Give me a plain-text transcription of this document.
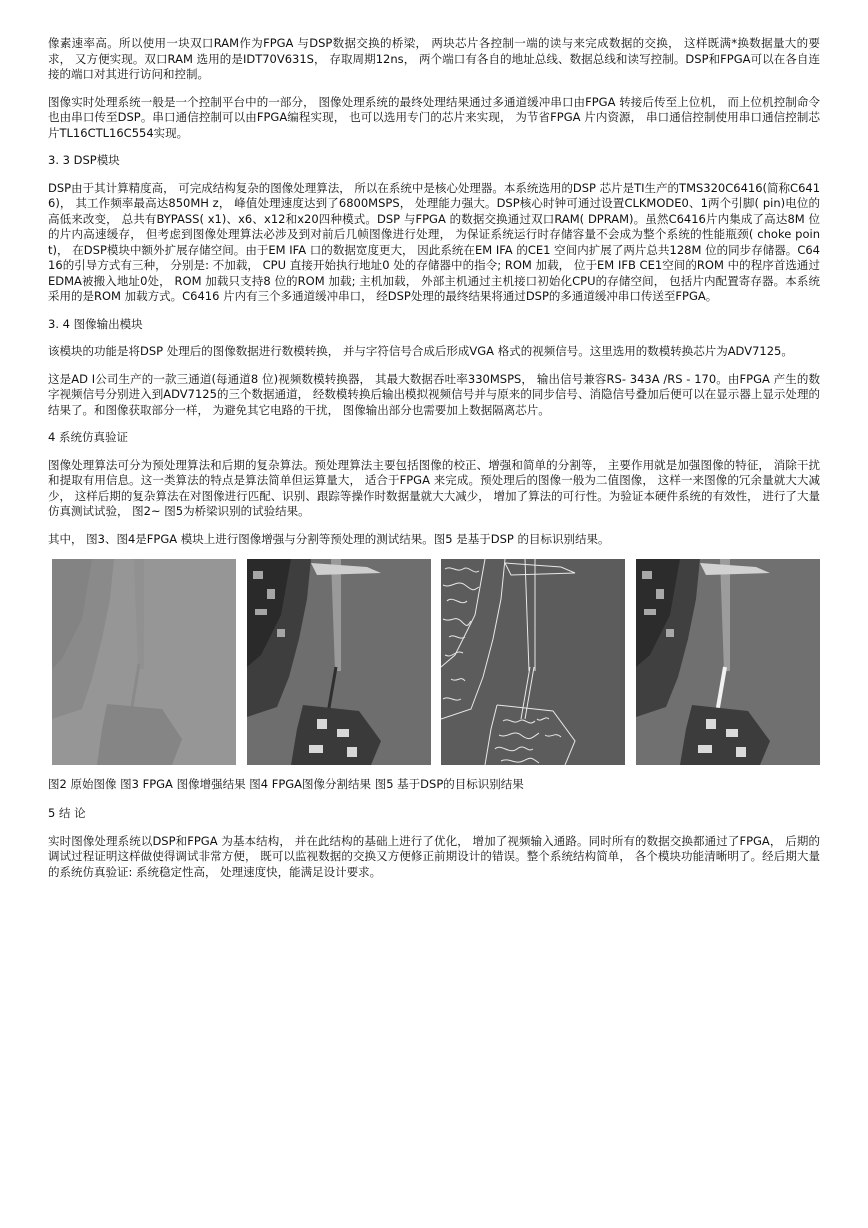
像素速率高。所以使用一块双口RAM作为FPGA 与DSP数据交换的桥梁， 两块芯片各控制一端的读与来完成数据的交换， 这样既满*换数据量大的要求， 又方便实现。双口RAM 选用的是IDT70V631S， 存取周期12ns， 两个端口有各自的地址总线、数据总线和读写控制。DSP和FPGA可以在各自连接的端口对其进行访问和控制。

图像实时处理系统一般是一个控制平台中的一部分， 图像处理系统的最终处理结果通过多通道缓冲串口由FPGA 转接后传至上位机， 而上位机控制命令也由串口传至DSP。串口通信控制可以由FPGA编程实现， 也可以选用专门的芯片来实现， 为节省FPGA 片内资源， 串口通信控制使用串口通信控制芯片TL16CTL16C554实现。

3. 3 DSP模块

DSP由于其计算精度高， 可完成结构复杂的图像处理算法， 所以在系统中是核心处理器。本系统选用的DSP 芯片是TI生产的TMS320C6416(简称C6416)， 其工作频率最高达850MH z， 峰值处理速度达到了6800MSPS， 处理能力强大。DSP核心时钟可通过设置CLKMODE0、1两个引脚( pin)电位的高低来改变， 总共有BYPASS( x1)、x6、x12和x20四种模式。DSP 与FPGA 的数据交换通过双口RAM( DPRAM)。虽然C6416片内集成了高达8M 位的片内高速缓存， 但考虑到图像处理算法必涉及到对前后几帧图像进行处理， 为保证系统运行时存储容量不会成为整个系统的性能瓶颈( choke point)， 在DSP模块中额外扩展存储空间。由于EM IFA 口的数据宽度更大， 因此系统在EM IFA 的CE1 空间内扩展了两片总共128M 位的同步存储器。C6416的引导方式有三种， 分别是: 不加载， CPU 直接开始执行地址0 处的存储器中的指令; ROM 加载， 位于EM IFB CE1空间的ROM 中的程序首选通过EDMA被搬入地址0处， ROM 加载只支持8 位的ROM 加载; 主机加载， 外部主机通过主机接口初始化CPU的存储空间， 包括片内配置寄存器。本系统采用的是ROM 加载方式。C6416 片内有三个多通道缓冲串口， 经DSP处理的最终结果将通过DSP的多通道缓冲串口传送至FPGA。

3. 4 图像输出模块

该模块的功能是将DSP 处理后的图像数据进行数模转换， 并与字符信号合成后形成VGA 格式的视频信号。这里选用的数模转换芯片为ADV7125。

这是AD I公司生产的一款三通道(每通道8 位)视频数模转换器， 其最大数据吞吐率330MSPS， 输出信号兼容RS- 343A /RS - 170。由FPGA 产生的数字视频信号分别进入到ADV7125的三个数据通道， 经数模转换后输出模拟视频信号并与原来的同步信号、消隐信号叠加后便可以在显示器上显示处理的结果了。和图像获取部分一样， 为避免其它电路的干扰， 图像输出部分也需要加上数据隔离芯片。

4 系统仿真验证

图像处理算法可分为预处理算法和后期的复杂算法。预处理算法主要包括图像的校正、增强和简单的分割等， 主要作用就是加强图像的特征， 消除干扰和提取有用信息。这一类算法的特点是算法简单但运算量大， 适合于FPGA 来完成。预处理后的图像一般为二值图像， 这样一来图像的冗余量就大大减少， 这样后期的复杂算法在对图像进行匹配、识别、跟踪等操作时数据量就大大减少， 增加了算法的可行性。为验证本硬件系统的有效性， 进行了大量仿真测试试验， 图2~ 图5为桥梁识别的试验结果。

其中， 图3、图4是FPGA 模块上进行图像增强与分割等预处理的测试结果。图5 是基于DSP 的目标识别结果。

图2 原始图像 图3 FPGA 图像增强结果 图4 FPGA图像分割结果 图5 基于DSP的目标识别结果

5 结 论

实时图像处理系统以DSP和FPGA 为基本结构， 并在此结构的基础上进行了优化， 增加了视频输入通路。同时所有的数据交换都通过了FPGA， 后期的调试过程证明这样做使得调试非常方便， 既可以监视数据的交换又方便修正前期设计的错误。整个系统结构简单， 各个模块功能清晰明了。经后期大量的系统仿真验证: 系统稳定性高， 处理速度快，能满足设计要求。
